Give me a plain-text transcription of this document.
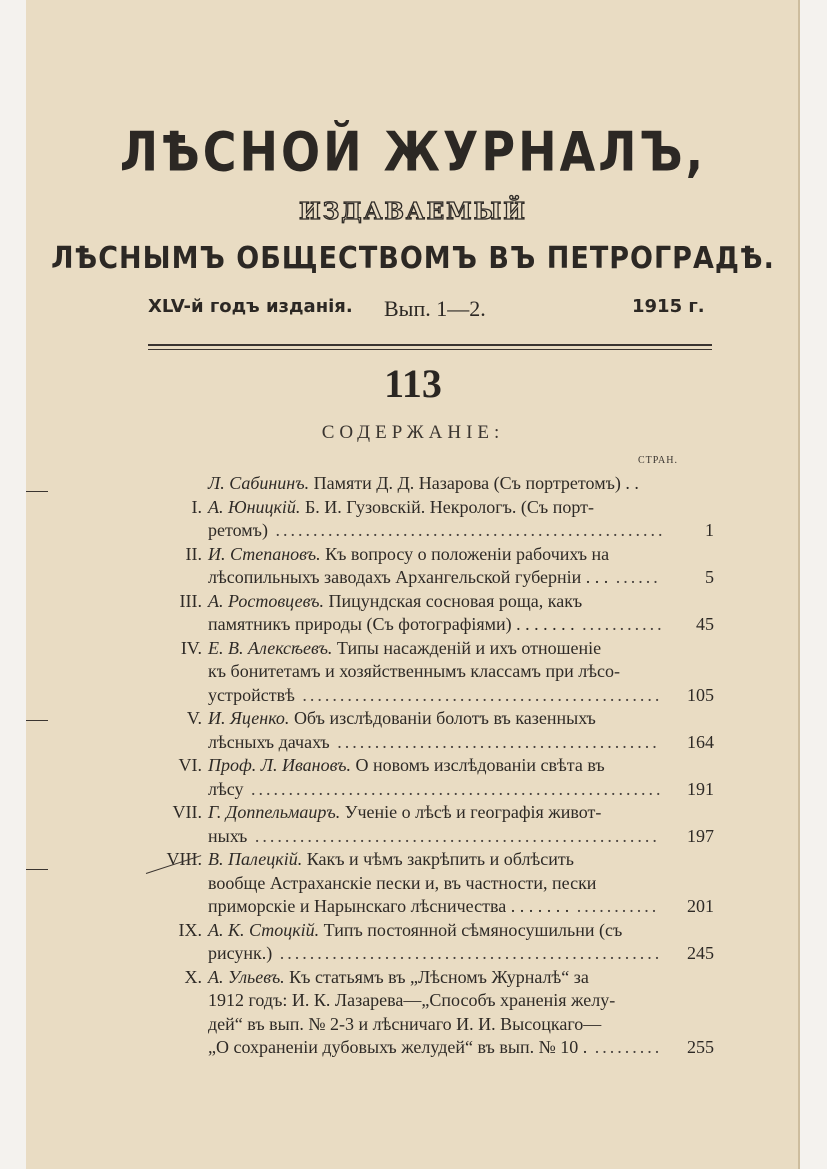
ЛѢСНОЙ ЖУРНАЛЪ,
ИЗДАВАЕМЫЙ
ЛѢСНЫМЪ ОБЩЕСТВОМЪ ВЪ ПЕТРОГРАДѢ.
XLV-й годъ изданія. Вып. 1—2.	1915 г.
113
СОДЕРЖАНІЕ:
СТРАН.
Л. Сабининъ. Памяти Д. Д. Назарова (Съ портретомъ) . .
I. А. Юницкій. Б. И. Гузовскій. Некрологъ. (Съ порт-
ретомъ) ....................................................	1
II. И. Степановъ. Къ вопросу о положеніи рабочихъ на
лѣсопильныхъ заводахъ Архангельской губерніи . . . ......	5
III. А. Ростовцевъ. Пицундская сосновая роща, какъ
памятникъ природы (Съ фотографіями) . . . . . . . ...........	45
IV. Е. В. Алексѣевъ. Типы насажденій и ихъ отношеніе
къ бонитетамъ и хозяйственнымъ классамъ при лѣсо-
устройствѣ ................................................	105
V. И. Яценко. Объ изслѣдованіи болотъ въ казенныхъ
лѣсныхъ дачахъ ...........................................	164
VI. Проф. Л. Ивановъ. О новомъ изслѣдованіи свѣта въ
лѣсу .......................................................	191
VII. Г. Доппельмаиръ. Ученіе о лѣсѣ и географія живот-
ныхъ ......................................................	197
VIII. В. Палецкій. Какъ и чѣмъ закрѣпить и облѣсить
вообще Астраханскіе пески и, въ частности, пески
приморскіе и Нарынскаго лѣсничества . . . . . . . ...........	201
IX. А. К. Стоцкій. Типъ постоянной сѣмяносушильни (съ
рисунк.) ...................................................	245
X. А. Ульевъ. Къ статьямъ въ „Лѣсномъ Журналѣ“ за
1912 годъ: И. К. Лазарева—„Способъ храненія желу-
дей“ въ вып. № 2-3 и лѣсничаго И. И. Высоцкаго—
„О сохраненіи дубовыхъ желудей“ въ вып. № 10 . .........	255
